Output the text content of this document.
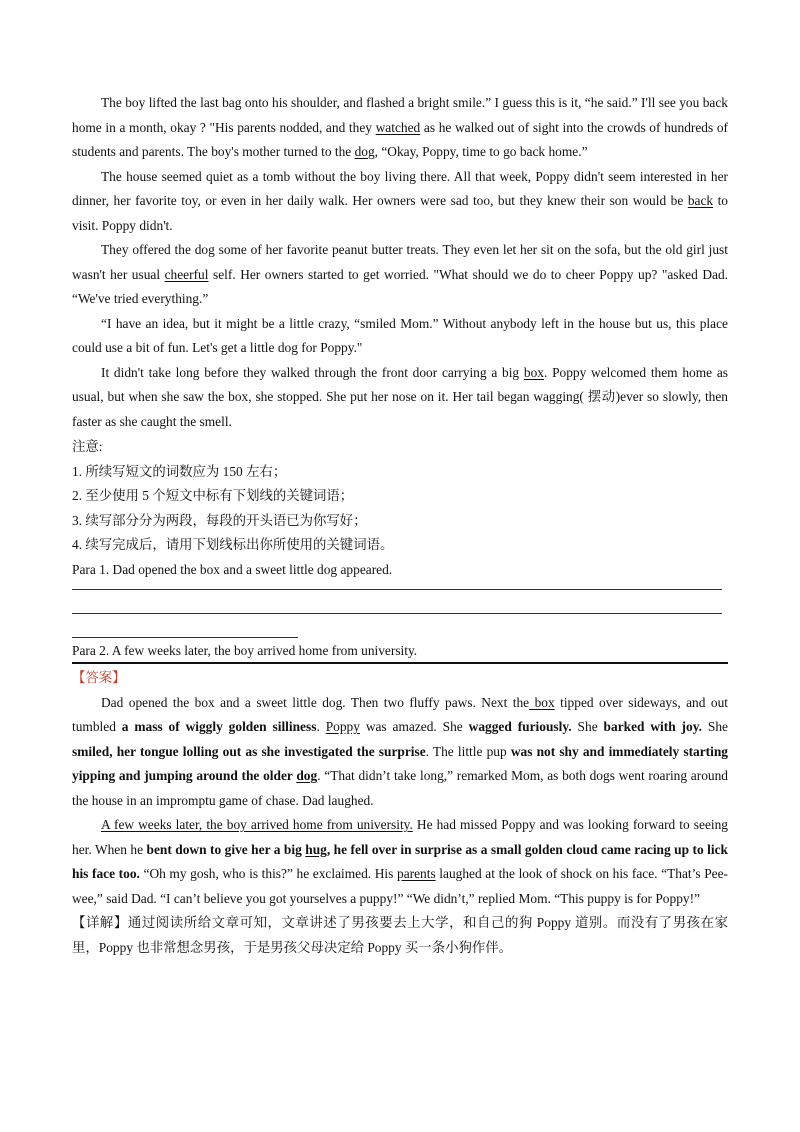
The boy lifted the last bag onto his shoulder, and flashed a bright smile.” I guess this is it, “he said.” I'll see you back home in a month, okay ? "His parents nodded, and they watched as he walked out of sight into the crowds of hundreds of students and parents. The boy's mother turned to the dog, “Okay, Poppy, time to go back home.”

The house seemed quiet as a tomb without the boy living there. All that week, Poppy didn't seem interested in her dinner, her favorite toy, or even in her daily walk. Her owners were sad too, but they knew their son would be back to visit. Poppy didn't.

They offered the dog some of her favorite peanut butter treats. They even let her sit on the sofa, but the old girl just wasn't her usual cheerful self. Her owners started to get worried. "What should we do to cheer Poppy up? "asked Dad. “We've tried everything.”

“I have an idea, but it might be a little crazy, “smiled Mom.” Without anybody left in the house but us, this place could use a bit of fun. Let's get a little dog for Poppy."

It didn't take long before they walked through the front door carrying a big box. Poppy welcomed them home as usual, but when she saw the box, she stopped. She put her nose on it. Her tail began wagging( 摆动)ever so slowly, then faster as she caught the smell.

注意:

1. 所续写短文的词数应为 150 左右；

2. 至少使用 5 个短文中标有下划线的关键词语；

3. 续写部分分为两段，每段的开头语已为你写好；

4. 续写完成后，请用下划线标出你所使用的关键词语。

Para 1. Dad opened the box and a sweet little dog appeared.

Para 2. A few weeks later, the boy arrived home from university.

【答案】

Dad opened the box and a sweet little dog. Then two fluffy paws. Next the box tipped over sideways, and out tumbled a mass of wiggly golden silliness. Poppy was amazed. She wagged furiously. She barked with joy. She smiled, her tongue lolling out as she investigated the surprise. The little pup was not shy and immediately starting yipping and jumping around the older dog. “That didn’t take long,” remarked Mom, as both dogs went roaring around the house in an impromptu game of chase. Dad laughed.

A few weeks later, the boy arrived home from university. He had missed Poppy and was looking forward to seeing her. When he bent down to give her a big hug, he fell over in surprise as a small golden cloud came racing up to lick his face too. “Oh my gosh, who is this?” he exclaimed. His parents laughed at the look of shock on his face. “That’s Pee-wee,” said Dad. “I can’t believe you got yourselves a puppy!” “We didn’t,” replied Mom. “This puppy is for Poppy!”

【详解】通过阅读所给文章可知，文章讲述了男孩要去上大学，和自己的狗 Poppy 道别。而没有了男孩在家里，Poppy 也非常想念男孩，于是男孩父母决定给 Poppy 买一条小狗作伴。
